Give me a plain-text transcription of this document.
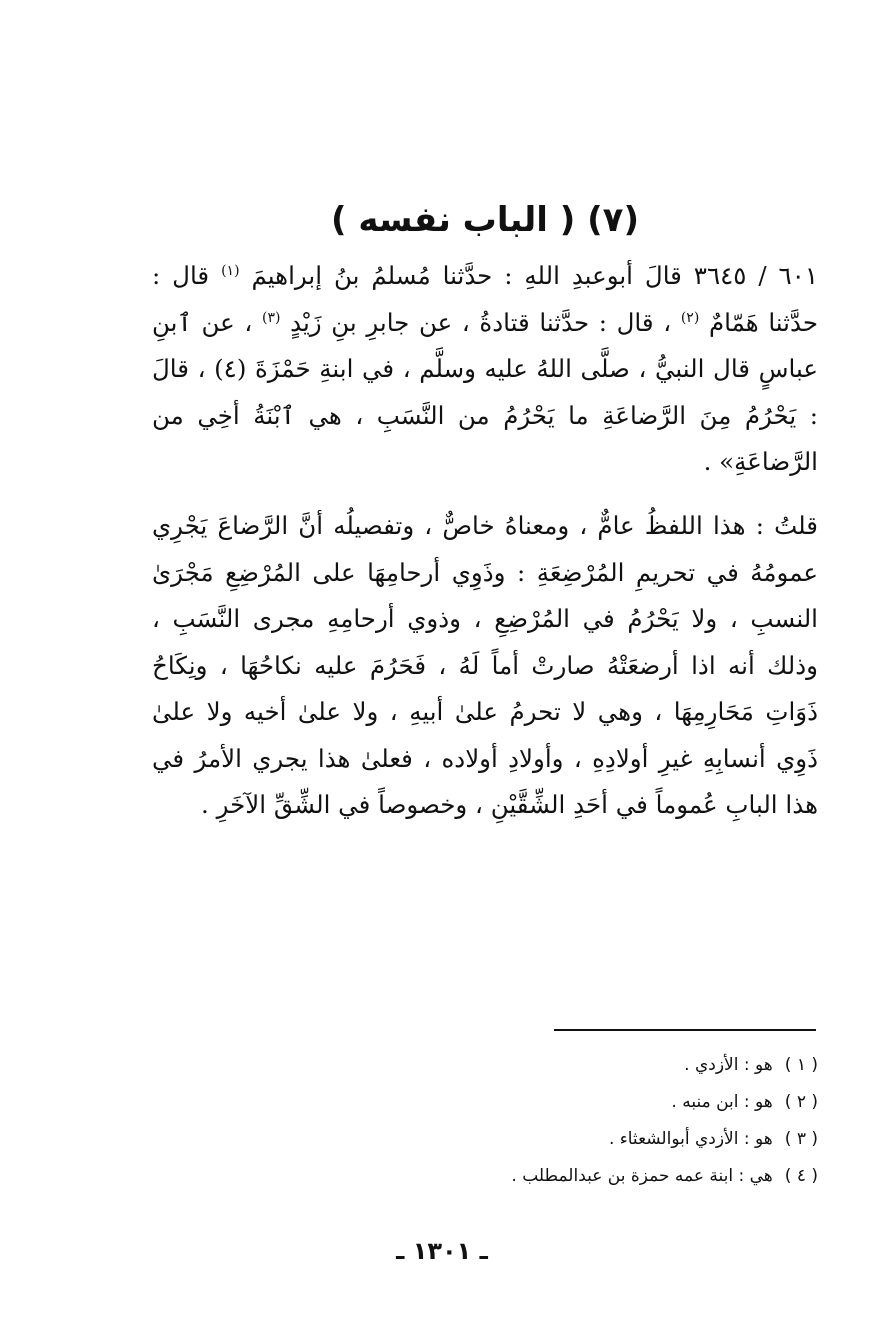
(٧) ( الباب نفسه )

٦٠١ / ٣٦٤٥ قالَ أبوعبدِ اللهِ : حدَّثنا مُسلمُ بنُ إبراهيمَ $^{(١)}$ قال : حدَّثنا هَمّامٌ $^{(٢)}$ ، قال : حدَّثنا قتادةُ ، عن جابرِ بنِ زَيْدٍ $^{(٣)}$ ، عن ٱبنِ عباسٍ قال النبيُّ ، صلَّى اللهُ عليه وسلَّم ، في ابنةِ حَمْزَةَ (٤) ، قالَ : يَحْرُمُ مِنَ الرَّضاعَةِ ما يَحْرُمُ من النَّسَبِ ، هي ٱبْنَةُ أخِي من الرَّضاعَةِ» .

قلتُ : هذا اللفظُ عامٌّ ، ومعناهُ خاصٌّ ، وتفصيلُه أنَّ الرَّضاعَ يَجْرِي عمومُهُ في تحريمِ المُرْضِعَةِ : وذَوِي أرحامِهَا على المُرْضِعِ مَجْرَىٰ النسبِ ، ولا يَحْرُمُ في المُرْضِعِ ، وذوي أرحامِهِ مجرى النَّسَبِ ، وذلك أنه اذا أرضعَتْهُ صارتْ أماً لَهُ ، فَحَرُمَ عليه نكاحُهَا ، ونِكَاحُ ذَوَاتِ مَحَارِمِهَا ، وهي لا تحرمُ علىٰ أبيهِ ، ولا علىٰ أخيه ولا علىٰ ذَوِي أنسابِهِ غيرِ أولادِهِ ، وأولادِ أولاده ، فعلىٰ هذا يجري الأمرُ في هذا البابِ عُموماً في أحَدِ الشِّقَّيْنِ ، وخصوصاً في الشِّقِّ الآخَرِ .

( ١ )هو : الأزدي .
( ٢ )هو : ابن منبه .
( ٣ )هو : الأزدي أبوالشعثاء .
( ٤ )هي : ابنة عمه حمزة بن عبدالمطلب .
ـ ١٣٠١ ـ
